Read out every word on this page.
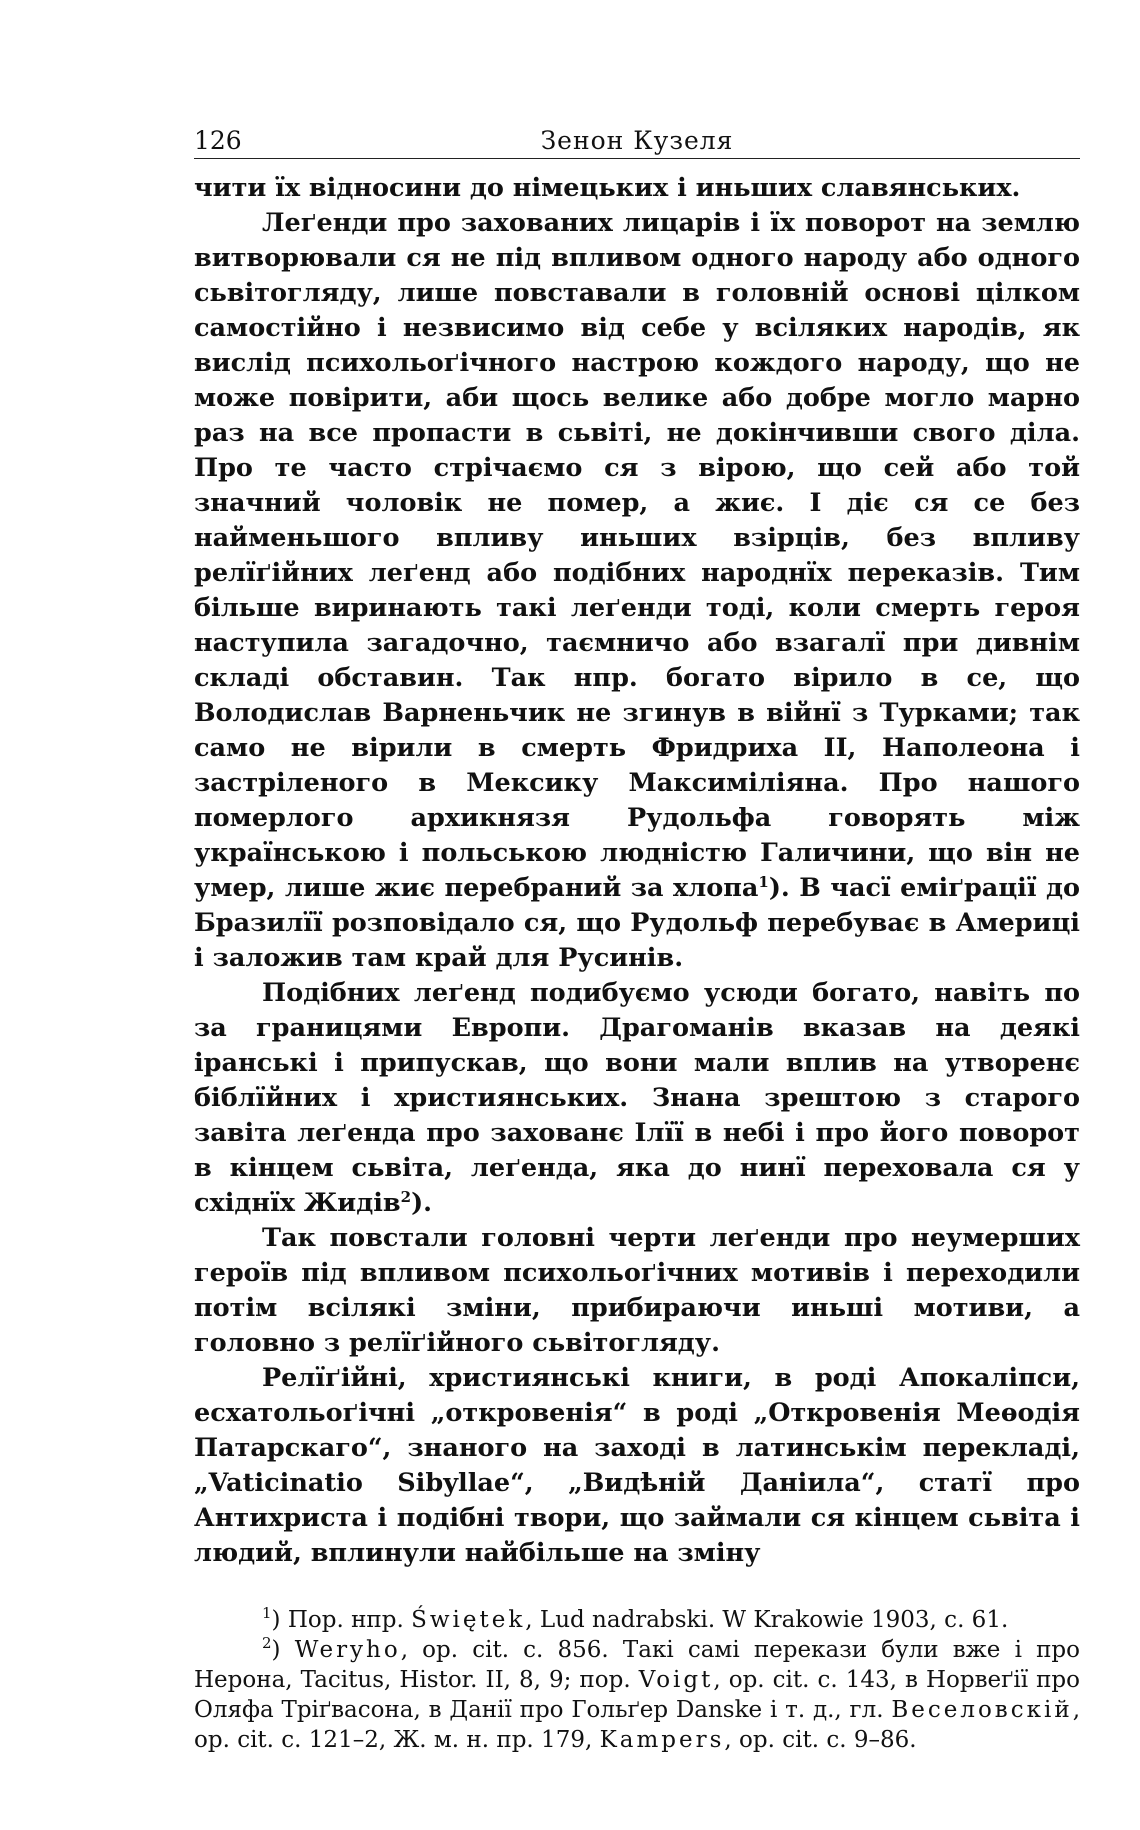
126	Зенон Кузеля

чити їх відносини до німецьких і иньших славянських.

Леґенди про захованих лицарів і їх поворот на землю витворювали ся не під впливом одного народу або одного сьвітогляду, лише повставали в головній основі цілком самостійно і незвисимо від себе у всіляких народів, як вислід психольоґічного настрою кождого народу, що не може повірити, аби щось велике або добре могло марно раз на все пропасти в сьвіті, не докінчивши свого діла. Про те часто стрічаємо ся з вірою, що сей або той значний чоловік не помер, а жиє. І діє ся се без найменьшого впливу иньших взірців, без впливу релїґійних леґенд або подібних народнїх переказів. Тим більше виринають такі леґенди тоді, коли смерть героя наступила загадочно, таємничо або взагалї при дивнім складі обставин. Так нпр. богато вірило в се, що Володислав Варненьчик не згинув в війнї з Турками; так само не вірили в смерть Фридриха II, Наполеона і застріленого в Мексику Максиміліяна. Про нашого померлого архикнязя Рудольфа говорять між українською і польською людністю Галичини, що він не умер, лише жиє перебраний за хлопа$^1$). В часї еміґрації до Бразилїї розповідало ся, що Рудольф перебуває в Америці і заложив там край для Русинів.

Подібних леґенд подибуємо усюди богато, навіть по за границями Европи. Драгоманів вказав на деякі іранські і припускав, що вони мали вплив на утворенє біблїйних і християнських. Знана зрештою з старого завіта леґенда про захованє Ілїї в небі і про його поворот в кінцем сьвіта, леґенда, яка до нинї переховала ся у східнїх Жидів$^2$).

Так повстали головні черти леґенди про неумерших героїв під впливом психольоґічних мотивів і переходили потім всілякі зміни, прибираючи иньші мотиви, а головно з релїґійного сьвітогляду.

Релїґійні, християнські книги, в роді Апокаліпси, есхатольоґічні „откровенія“ в роді „Откровенія Меѳодія Патарскаго“, знаного на заході в латинськім перекладі, „Vaticinatio Sibyllae“, „Видѣній Даніила“, статї про Антихриста і подібні твори, що займали ся кінцем сьвіта і людий, вплинули найбільше на зміну

$^1$) Пор. нпр. Świętek, Lud nadrabski. W Krakowie 1903, с. 61.

$^2$) Weryho, op. cit. с. 856. Такі самі перекази були вже і про Нерона, Tacitus, Histor. II, 8, 9; пор. Voigt, op. cit. с. 143, в Норвеґії про Оляфа Тріґвасона, в Данії про Гольґер Danske і т. д., гл. Веселовскій, op. cit. с. 121–2, Ж. м. н. пр. 179, Kampers, op. cit. с. 9–86.
